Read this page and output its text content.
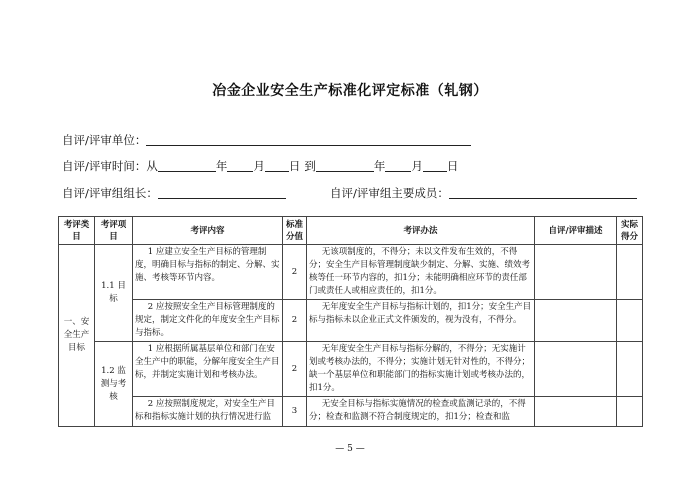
冶金企业安全生产标准化评定标准（轧钢）
自评/评审单位：
自评/评审时间：从	年 月 日 到	年 月 日
自评/评审组组长：	自评/评审组主要成员：
考评类目	考评项目	考评内容	标准分值	考评办法	自评/评审描述	实际得分
一、安全生产目标	1.1 目标	1 应建立安全生产目标的管理制度，明确目标与指标的制定、分解、实施、考核等环节内容。	2	无该项制度的，不得分；未以文件发布生效的，不得分；安全生产目标管理制度缺少制定、分解、实施、绩效考核等任一环节内容的，扣1分；未能明确相应环节的责任部门或责任人或相应责任的，扣1分。		
		2 应按照安全生产目标管理制度的规定，制定文件化的年度安全生产目标与指标。	2	无年度安全生产目标与指标计划的，扣1分；安全生产目标与指标未以企业正式文件颁发的，视为没有，不得分。		
	1.2 监测与考核	1 应根据所属基层单位和部门在安全生产中的职能，分解年度安全生产目标，并制定实施计划和考核办法。	2	无年度安全生产目标与指标分解的，不得分；无实施计划或考核办法的，不得分；实施计划无针对性的，不得分；缺一个基层单位和职能部门的指标实施计划或考核办法的，扣1分。		
		2 应按照制度规定，对安全生产目标和指标实施计划的执行情况进行监	3	无安全目标与指标实施情况的检查或监测记录的，不得分；检查和监测不符合制度规定的，扣1分；检查和监		
— 5 —
